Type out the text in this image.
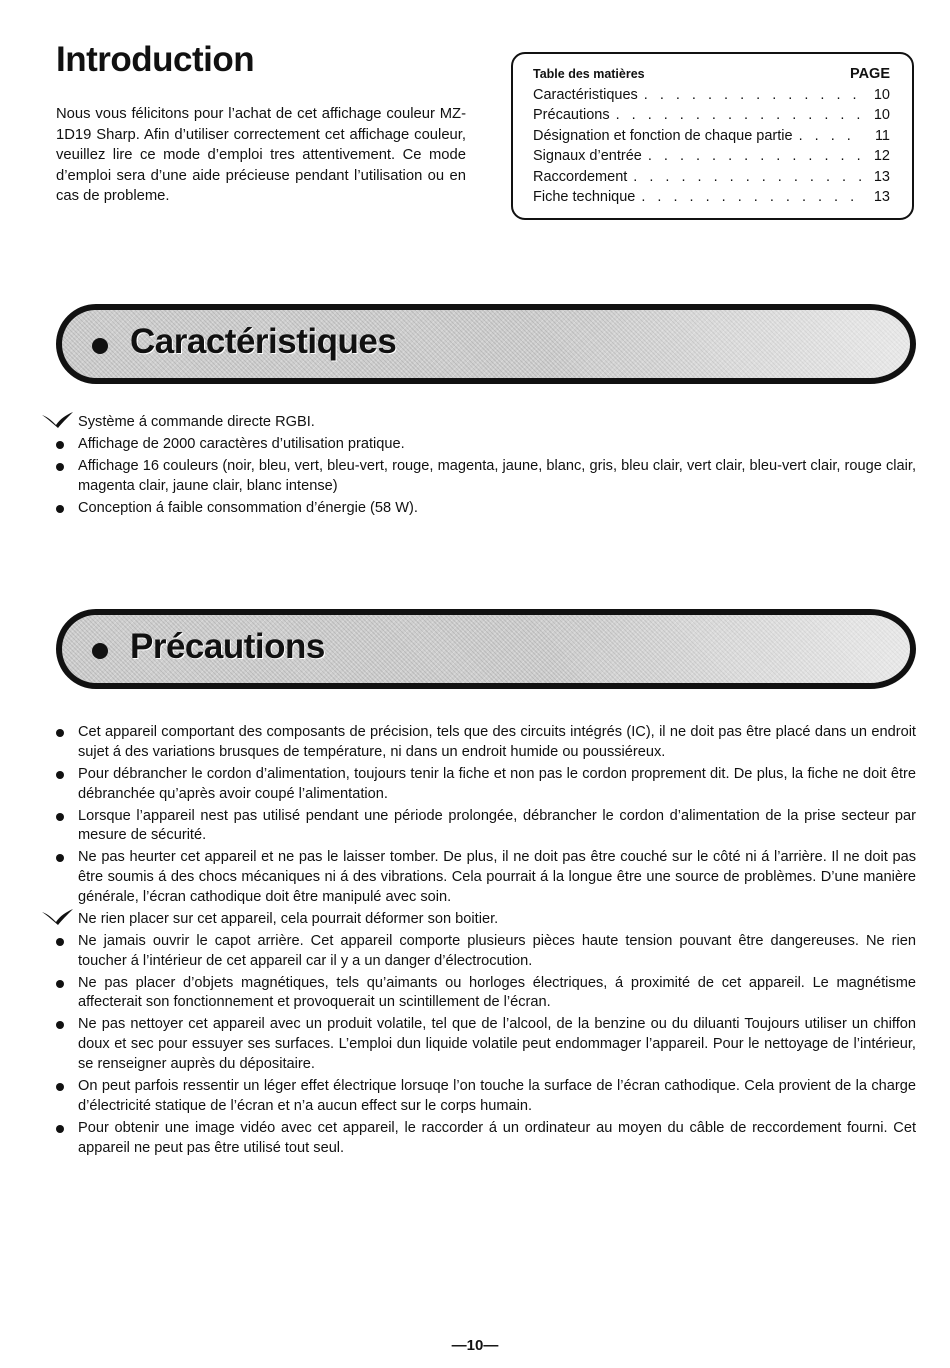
Introduction

Nous vous félicitons pour l’achat de cet affichage couleur MZ-1D19 Sharp. Afin d’utiliser correctement cet affichage couleur, veuillez lire ce mode d’emploi tres attentivement. Ce mode d’emploi sera d’une aide précieuse pendant l’utilisation ou en cas de probleme.

Table des matières	PAGE
Caractéristiques . . .	10
Précautions . . .	10
Désignation et fonction de chaque partie . . .	11
Signaux d’entrée . . .	12
Raccordement . . .	13
Fiche technique . . .	13
Caractéristiques
Système á commande directe RGBI.
Affichage de 2000 caractères d’utilisation pratique.
Affichage 16 couleurs (noir, bleu, vert, bleu-vert, rouge, magenta, jaune, blanc, gris, bleu clair, vert clair, bleu-vert clair, rouge clair, magenta clair, jaune clair, blanc intense)
Conception á faible consommation d’énergie (58 W).
Précautions
Cet appareil comportant des composants de précision, tels que des circuits intégrés (IC), il ne doit pas être placé dans un endroit sujet á des variations brusques de température, ni dans un endroit humide ou poussiéreux.
Pour débrancher le cordon d’alimentation, toujours tenir la fiche et non pas le cordon proprement dit. De plus, la fiche ne doit être débranchée qu’après avoir coupé l’alimentation.
Lorsque l’appareil nest pas utilisé pendant une période prolongée, débrancher le cordon d’alimentation de la prise secteur par mesure de sécurité.
Ne pas heurter cet appareil et ne pas le laisser tomber. De plus, il ne doit pas être couché sur le côté ni á l’arrière. Il ne doit pas être soumis á des chocs mécaniques ni á des vibrations. Cela pourrait á la longue être une source de problèmes. D’une manière générale, l’écran cathodique doit être manipulé avec soin.
Ne rien placer sur cet appareil, cela pourrait déformer son boitier.
Ne jamais ouvrir le capot arrière. Cet appareil comporte plusieurs pièces haute tension pouvant être dangereuses. Ne rien toucher á l’intérieur de cet appareil car il y a un danger d’électrocution.
Ne pas placer d’objets magnétiques, tels qu’aimants ou horloges électriques, á proximité de cet appareil. Le magnétisme affecterait son fonctionnement et provoquerait un scintillement de l’écran.
Ne pas nettoyer cet appareil avec un produit volatile, tel que de l’alcool, de la benzine ou du diluanti Toujours utiliser un chiffon doux et sec pour essuyer ses surfaces. L’emploi dun liquide volatile peut endommager l’appareil. Pour le nettoyage de l’intérieur, se renseigner auprès du dépositaire.
On peut parfois ressentir un léger effet électrique lorsuqe l’on touche la surface de l’écran cathodique. Cela provient de la charge d’électricité statique de l’écran et n’a aucun effect sur le corps humain.
Pour obtenir une image vidéo avec cet appareil, le raccorder á un ordinateur au moyen du câble de reccordement fourni. Cet appareil ne peut pas être utilisé tout seul.
—10—
